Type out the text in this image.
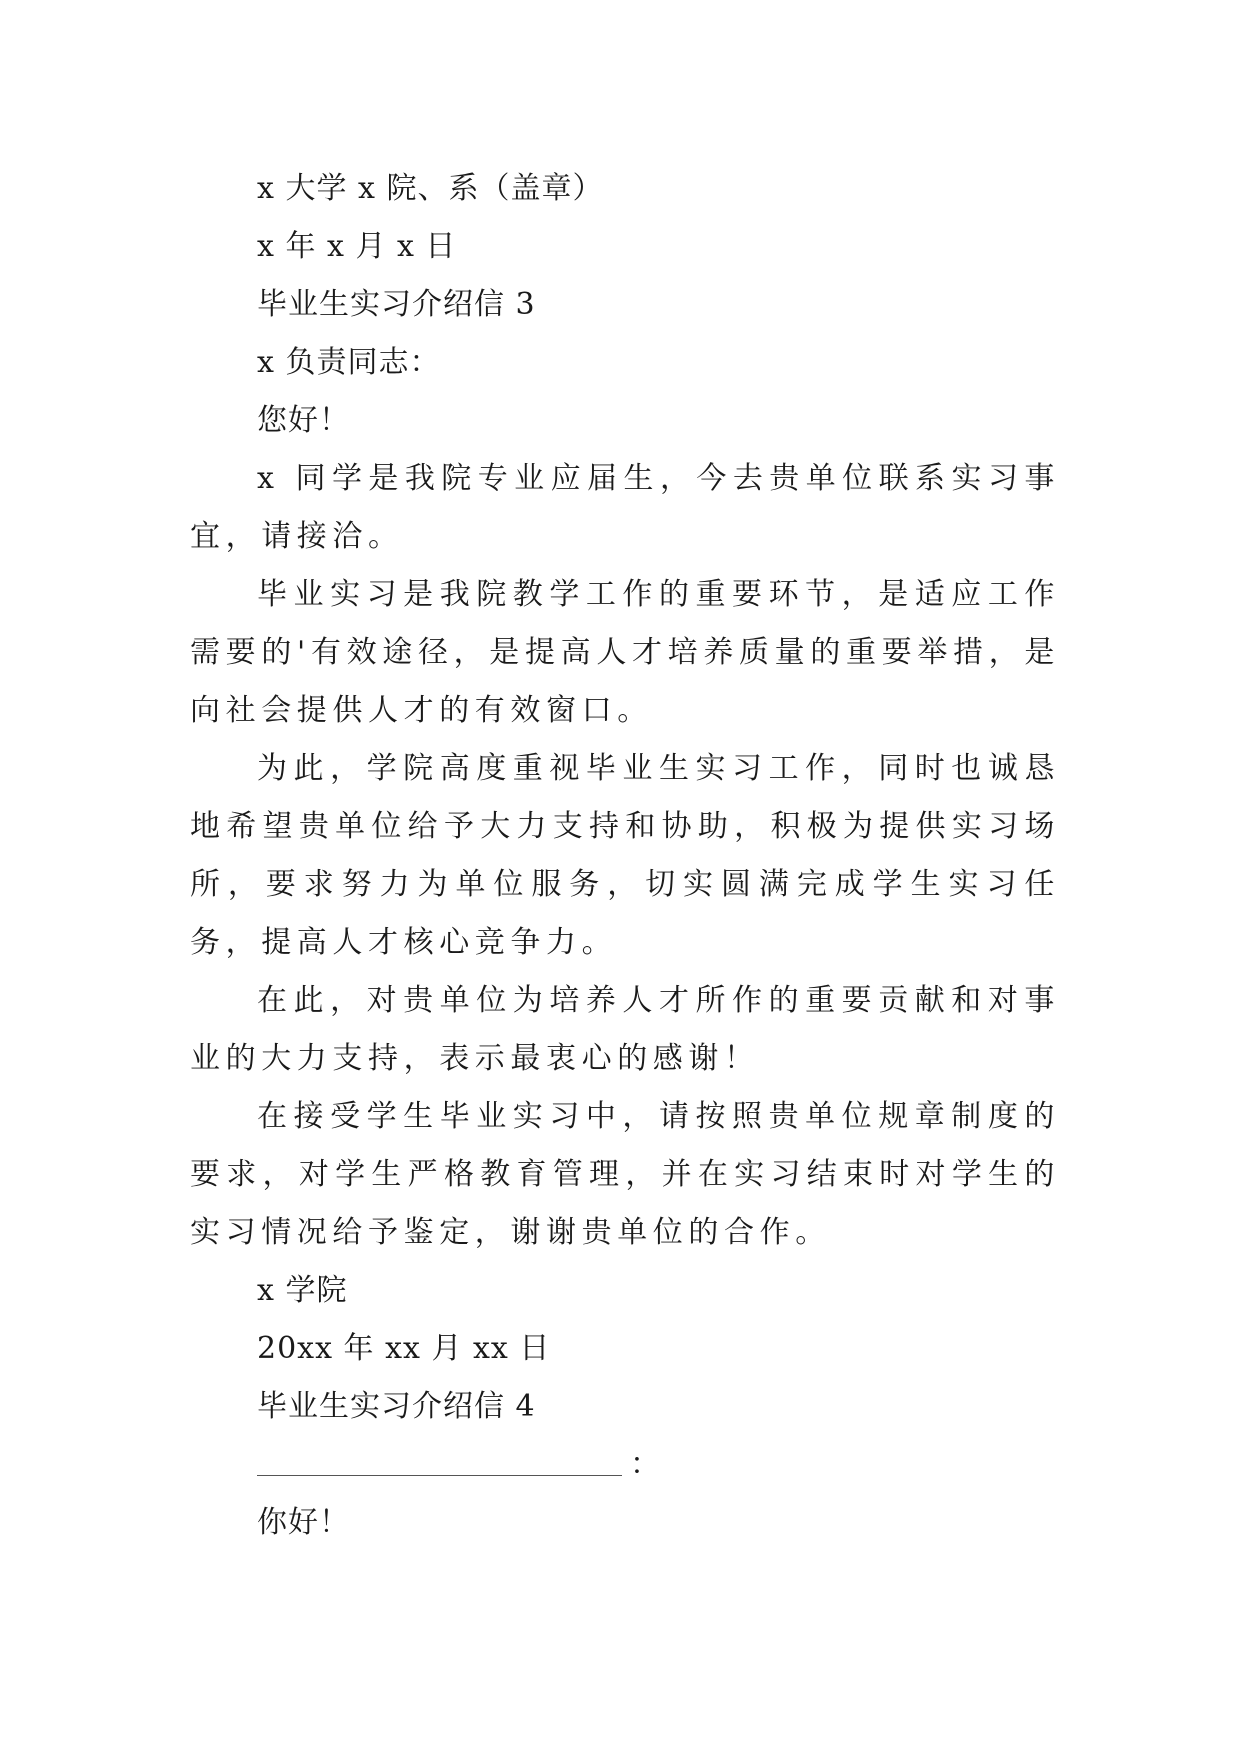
x 大学 x 院、系（盖章）
x 年 x 月 x 日
毕业生实习介绍信 3
x 负责同志：
您好！

x 同学是我院专业应届生，今去贵单位联系实习事宜，请接洽。

毕业实习是我院教学工作的重要环节，是适应工作需要的'有效途径，是提高人才培养质量的重要举措，是向社会提供人才的有效窗口。

为此，学院高度重视毕业生实习工作，同时也诚恳地希望贵单位给予大力支持和协助，积极为提供实习场所，要求努力为单位服务，切实圆满完成学生实习任务，提高人才核心竞争力。

在此，对贵单位为培养人才所作的重要贡献和对事业的大力支持，表示最衷心的感谢！

在接受学生毕业实习中，请按照贵单位规章制度的要求，对学生严格教育管理，并在实习结束时对学生的实习情况给予鉴定，谢谢贵单位的合作。

x 学院
20xx 年 xx 月 xx 日
毕业生实习介绍信 4
：
你好！
